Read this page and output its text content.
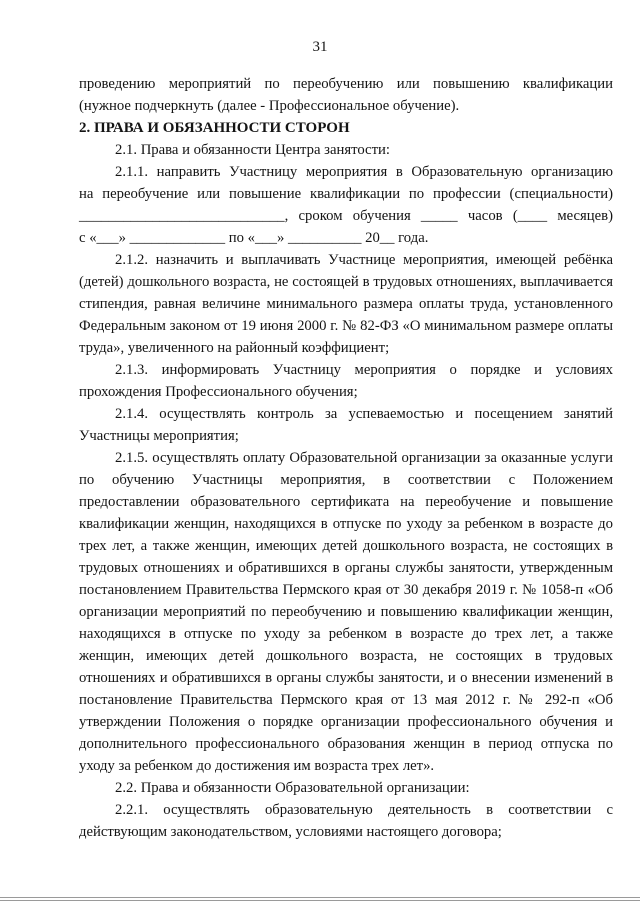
31

проведению мероприятий по переобучению или повышению квалификации

(нужное подчеркнуть (далее - Профессиональное обучение).

2. ПРАВА И ОБЯЗАННОСТИ СТОРОН

2.1. Права и обязанности Центра занятости:

2.1.1. направить Участницу мероприятия в Образовательную организацию

на переобучение или повышение квалификации по профессии (специальности)

____________________________, сроком обучения _____ часов (____ месяцев)

с «___» _____________ по «___» __________ 20__ года.

2.1.2. назначить и выплачивать Участнице мероприятия, имеющей ребёнка (детей) дошкольного возраста, не состоящей в трудовых отношениях, выплачивается стипендия, равная величине минимального размера оплаты труда, установленного Федеральным законом от 19 июня 2000 г. № 82-ФЗ «О минимальном размере оплаты труда», увеличенного на районный коэффициент;

2.1.3. информировать Участницу мероприятия о порядке и условиях прохождения Профессионального обучения;

2.1.4. осуществлять контроль за успеваемостью и посещением занятий Участницы мероприятия;

2.1.5. осуществлять оплату Образовательной организации за оказанные услуги по обучению Участницы мероприятия, в соответствии с Положением предоставлении образовательного сертификата на переобучение и повышение квалификации женщин, находящихся в отпуске по уходу за ребенком в возрасте до трех лет, а также женщин, имеющих детей дошкольного возраста, не состоящих в трудовых отношениях и обратившихся в органы службы занятости, утвержденным постановлением Правительства Пермского края от 30 декабря 2019 г. № 1058-п «Об организации мероприятий по переобучению и повышению квалификации женщин, находящихся в отпуске по уходу за ребенком в возрасте до трех лет, а также женщин, имеющих детей дошкольного возраста, не состоящих в трудовых отношениях и обратившихся в органы службы занятости, и о внесении изменений в постановление Правительства Пермского края от 13 мая 2012 г. № 292-п «Об утверждении Положения о порядке организации профессионального обучения и дополнительного профессионального образования женщин в период отпуска по уходу за ребенком до достижения им возраста трех лет».

2.2. Права и обязанности Образовательной организации:

2.2.1. осуществлять образовательную деятельность в соответствии с действующим законодательством, условиями настоящего договора;
